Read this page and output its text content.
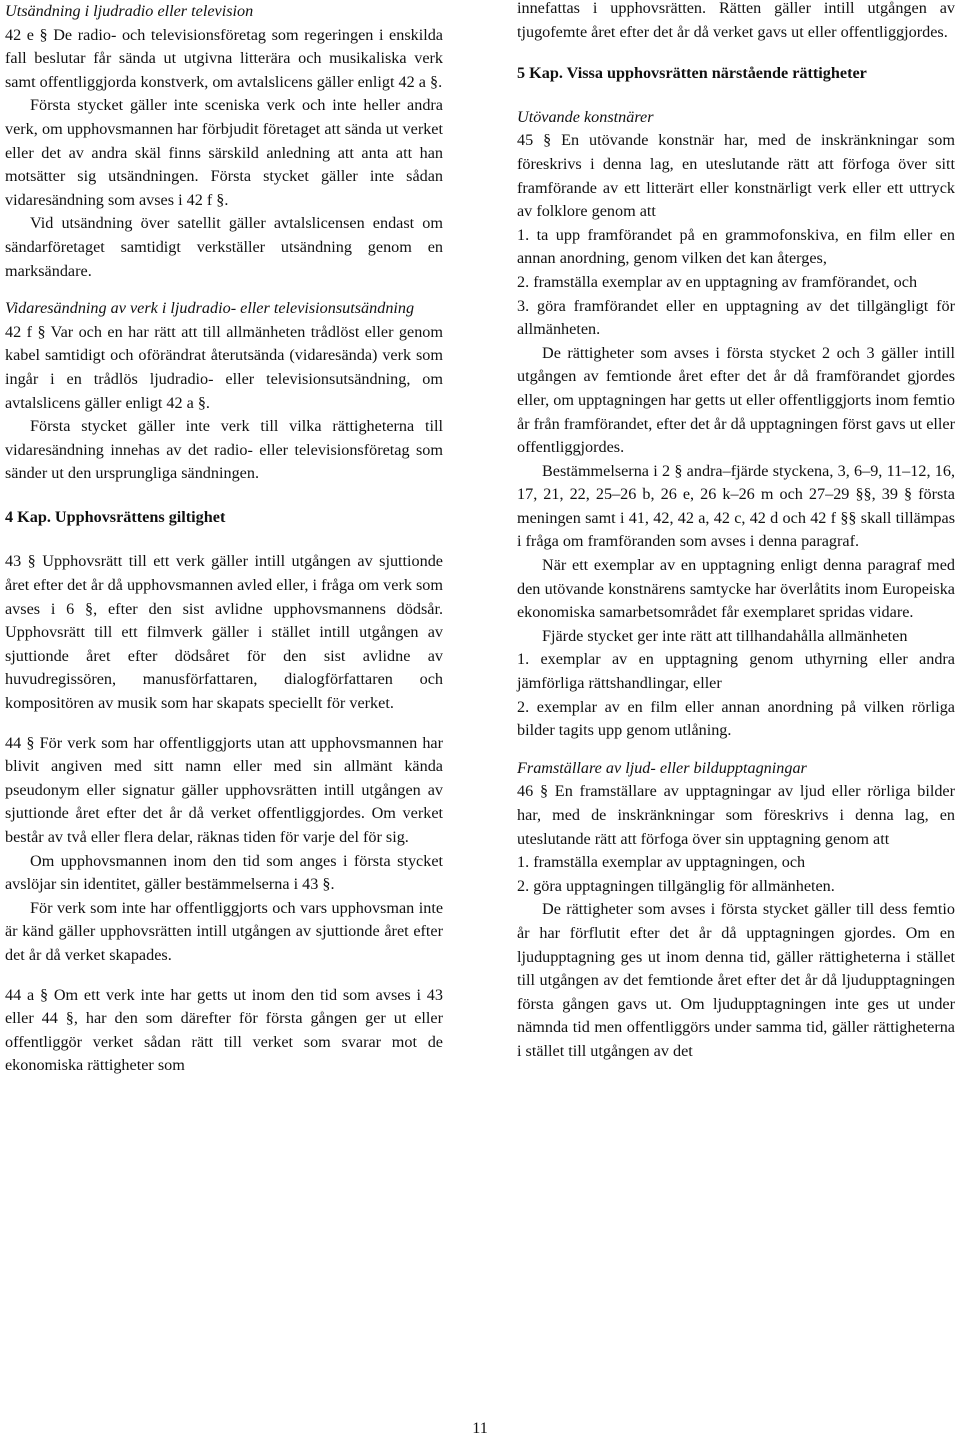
Utsändning i ljudradio eller television

42 e § De radio- och televisionsföretag som regeringen i enskilda fall beslutar får sända ut utgivna litterära och musikaliska verk samt offentliggjorda konstverk, om avtalslicens gäller enligt 42 a §.

Första stycket gäller inte sceniska verk och inte heller andra verk, om upphovsmannen har förbjudit företaget att sända ut verket eller det av andra skäl finns särskild anledning att anta att han motsätter sig utsändningen. Första stycket gäller inte sådan vidaresändning som avses i 42 f §.

Vid utsändning över satellit gäller avtalslicensen endast om sändarföretaget samtidigt verkställer utsändning genom en marksändare.

Vidaresändning av verk i ljudradio- eller televisionsutsändning

42 f § Var och en har rätt att till allmänheten trådlöst eller genom kabel samtidigt och oförändrat återutsända (vidaresända) verk som ingår i en trådlös ljudradio- eller televisionsutsändning, om avtalslicens gäller enligt 42 a §.

Första stycket gäller inte verk till vilka rättigheterna till vidaresändning innehas av det radio- eller televisionsföretag som sänder ut den ursprungliga sändningen.

4 Kap. Upphovsrättens giltighet

43 § Upphovsrätt till ett verk gäller intill utgången av sjuttionde året efter det år då upphovsmannen avled eller, i fråga om verk som avses i 6 §, efter den sist avlidne upphovsmannens dödsår. Upphovsrätt till ett filmverk gäller i stället intill utgången av sjuttionde året efter dödsåret för den sist avlidne av huvudregissören, manusförfattaren, dialogförfattaren och kompositören av musik som har skapats speciellt för verket.

44 § För verk som har offentliggjorts utan att upphovsmannen har blivit angiven med sitt namn eller med sin allmänt kända pseudonym eller signatur gäller upphovsrätten intill utgången av sjuttionde året efter det år då verket offentliggjordes. Om verket består av två eller flera delar, räknas tiden för varje del för sig.

Om upphovsmannen inom den tid som anges i första stycket avslöjar sin identitet, gäller bestämmelserna i 43 §.

För verk som inte har offentliggjorts och vars upphovsman inte är känd gäller upphovsrätten intill utgången av sjuttionde året efter det år då verket skapades.

44 a § Om ett verk inte har getts ut inom den tid som avses i 43 eller 44 §, har den som därefter för första gången ger ut eller offentliggör verket sådan rätt till verket som svarar mot de ekonomiska rättigheter som

innefattas i upphovsrätten. Rätten gäller intill utgången av tjugofemte året efter det år då verket gavs ut eller offentliggjordes.

5 Kap. Vissa upphovsrätten närstående rättigheter

Utövande konstnärer

45 § En utövande konstnär har, med de inskränkningar som föreskrivs i denna lag, en uteslutande rätt att förfoga över sitt framförande av ett litterärt eller konstnärligt verk eller ett uttryck av folklore genom att

1. ta upp framförandet på en grammofonskiva, en film eller en annan anordning, genom vilken det kan återges,

2. framställa exemplar av en upptagning av framförandet, och

3. göra framförandet eller en upptagning av det tillgängligt för allmänheten.

De rättigheter som avses i första stycket 2 och 3 gäller intill utgången av femtionde året efter det år då framförandet gjordes eller, om upptagningen har getts ut eller offentliggjorts inom femtio år från framförandet, efter det år då upptagningen först gavs ut eller offentliggjordes.

Bestämmelserna i 2 § andra–fjärde styckena, 3, 6–9, 11–12, 16, 17, 21, 22, 25–26 b, 26 e, 26 k–26 m och 27–29 §§, 39 § första meningen samt i 41, 42, 42 a, 42 c, 42 d och 42 f §§ skall tillämpas i fråga om framföranden som avses i denna paragraf.

När ett exemplar av en upptagning enligt denna paragraf med den utövande konstnärens samtycke har överlåtits inom Europeiska ekonomiska samarbetsområdet får exemplaret spridas vidare.

Fjärde stycket ger inte rätt att tillhandahålla allmänheten

1. exemplar av en upptagning genom uthyrning eller andra jämförliga rättshandlingar, eller

2. exemplar av en film eller annan anordning på vilken rörliga bilder tagits upp genom utlåning.

Framställare av ljud- eller bildupptagningar

46 § En framställare av upptagningar av ljud eller rörliga bilder har, med de inskränkningar som föreskrivs i denna lag, en uteslutande rätt att förfoga över sin upptagning genom att

1. framställa exemplar av upptagningen, och

2. göra upptagningen tillgänglig för allmänheten.

De rättigheter som avses i första stycket gäller till dess femtio år har förflutit efter det år då upptagningen gjordes. Om en ljudupptagning ges ut inom denna tid, gäller rättigheterna i stället till utgången av det femtionde året efter det år då ljudupptagningen första gången gavs ut. Om ljudupptagningen inte ges ut under nämnda tid men offentliggörs under samma tid, gäller rättigheterna i stället till utgången av det

11
